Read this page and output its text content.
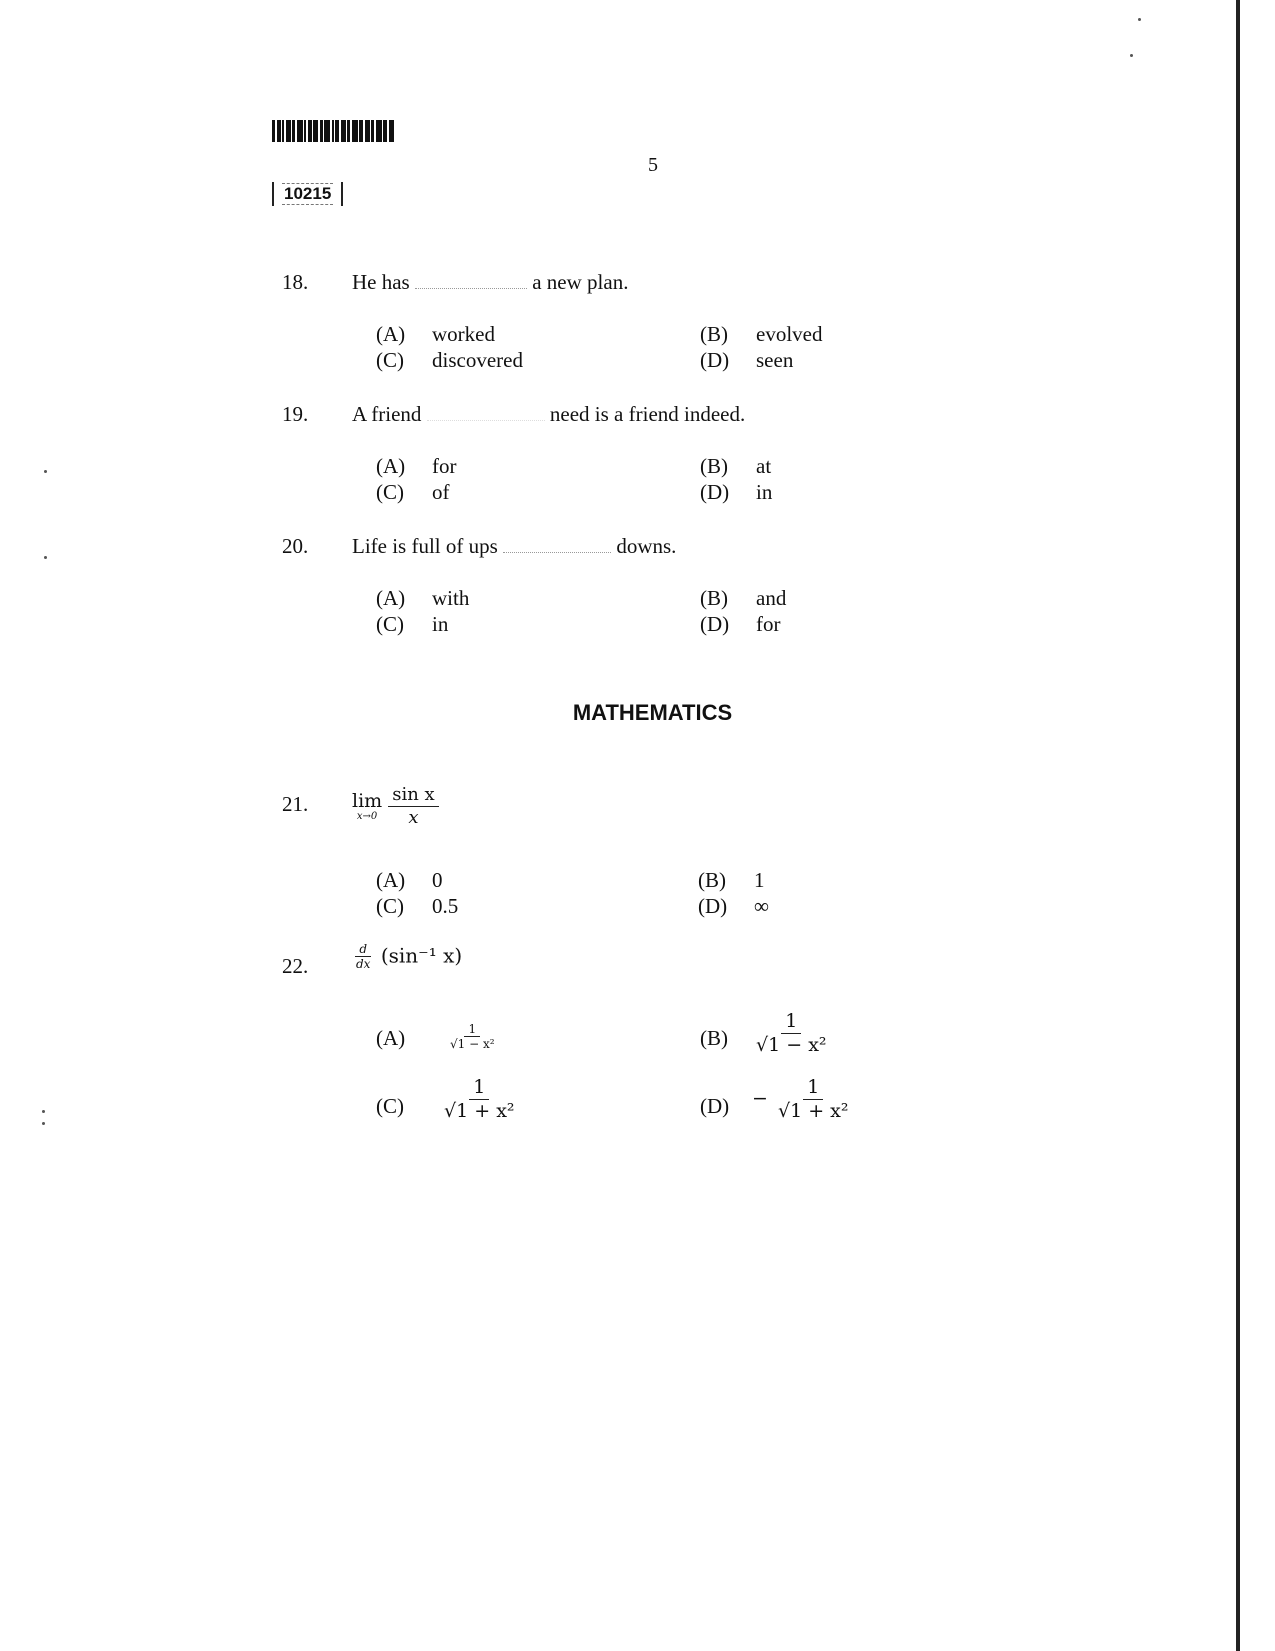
10215
5
18. He has	a new plan.
(A) worked	(B) evolved
(C) discovered	(D) seen
19. A friend	need is a friend indeed.
(A) for	(B) at
(C) of	(D) in
20. Life is full of ups	downs.
(A) with	(B) and
(C) in	(D) for
MATHEMATICS
21. lim
x→0
$\frac{\text{sin x}}{x}$
(A) 0	(B) 1
(C) 0.5	(D) ∞
22.	$\frac{d}{dx} (\sin^{-1}$ x)
(A)	$\frac{1}{\text{√1 − x²}}$	$(B) \frac{1}{\text{√1 − x²}}$
$(C) \frac{1}{\text{√1 + x²}}$	$(D) - \frac{1}{\text{√1 + x²}}$
